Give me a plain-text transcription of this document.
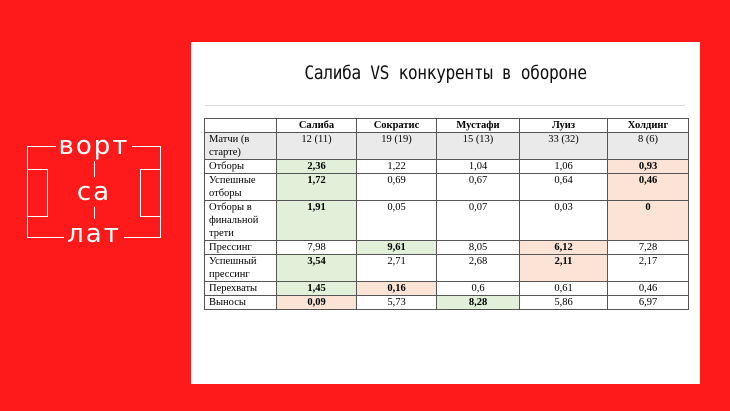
ворт
са
лат
Салиба VS конкуренты в обороне
	Салиба	Сократис	Мустафи	Луиз	Холдинг
Матчи (в старте)	12 (11)	19 (19)	15 (13)	33 (32)	8 (6)
Отборы	2,36	1,22	1,04	1,06	0,93
Успешные отборы	1,72	0,69	0,67	0,64	0,46
Отборы в финальной трети	1,91	0,05	0,07	0,03	0
Прессинг	7,98	9,61	8,05	6,12	7,28
Успешный прессинг	3,54	2,71	2,68	2,11	2,17
Перехваты	1,45	0,16	0,6	0,61	0,46
Выносы	0,09	5,73	8,28	5,86	6,97
